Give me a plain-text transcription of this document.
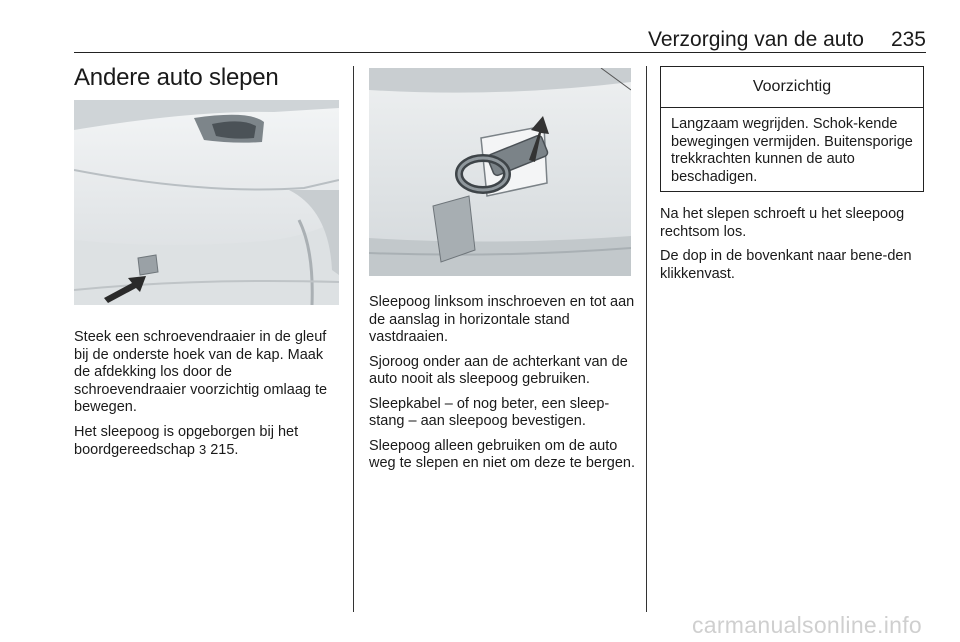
Verzorging van de auto 235
Andere auto slepen

Steek een schroevendraaier in de gleuf bij de onderste hoek van de kap. Maak de afdekking los door de schroevendraaier voorzichtig omlaag te bewegen.

Het sleepoog is opgeborgen bij het boordgereedschap 3 215.

Sleepoog linksom inschroeven en tot aan de aanslag in horizontale stand vastdraaien.

Sjoroog onder aan de achterkant van de auto nooit als sleepoog gebruiken.

Sleepkabel – of nog beter, een sleep-stang – aan sleepoog bevestigen.

Sleepoog alleen gebruiken om de auto weg te slepen en niet om deze te bergen.

Voorzichtig
Langzaam wegrijden. Schok-kende bewegingen vermijden. Buitensporige trekkrachten kunnen de auto beschadigen.

Na het slepen schroeft u het sleepoog rechtsom los.

De dop in de bovenkant naar bene-den klikkenvast.

carmanualsonline.info
